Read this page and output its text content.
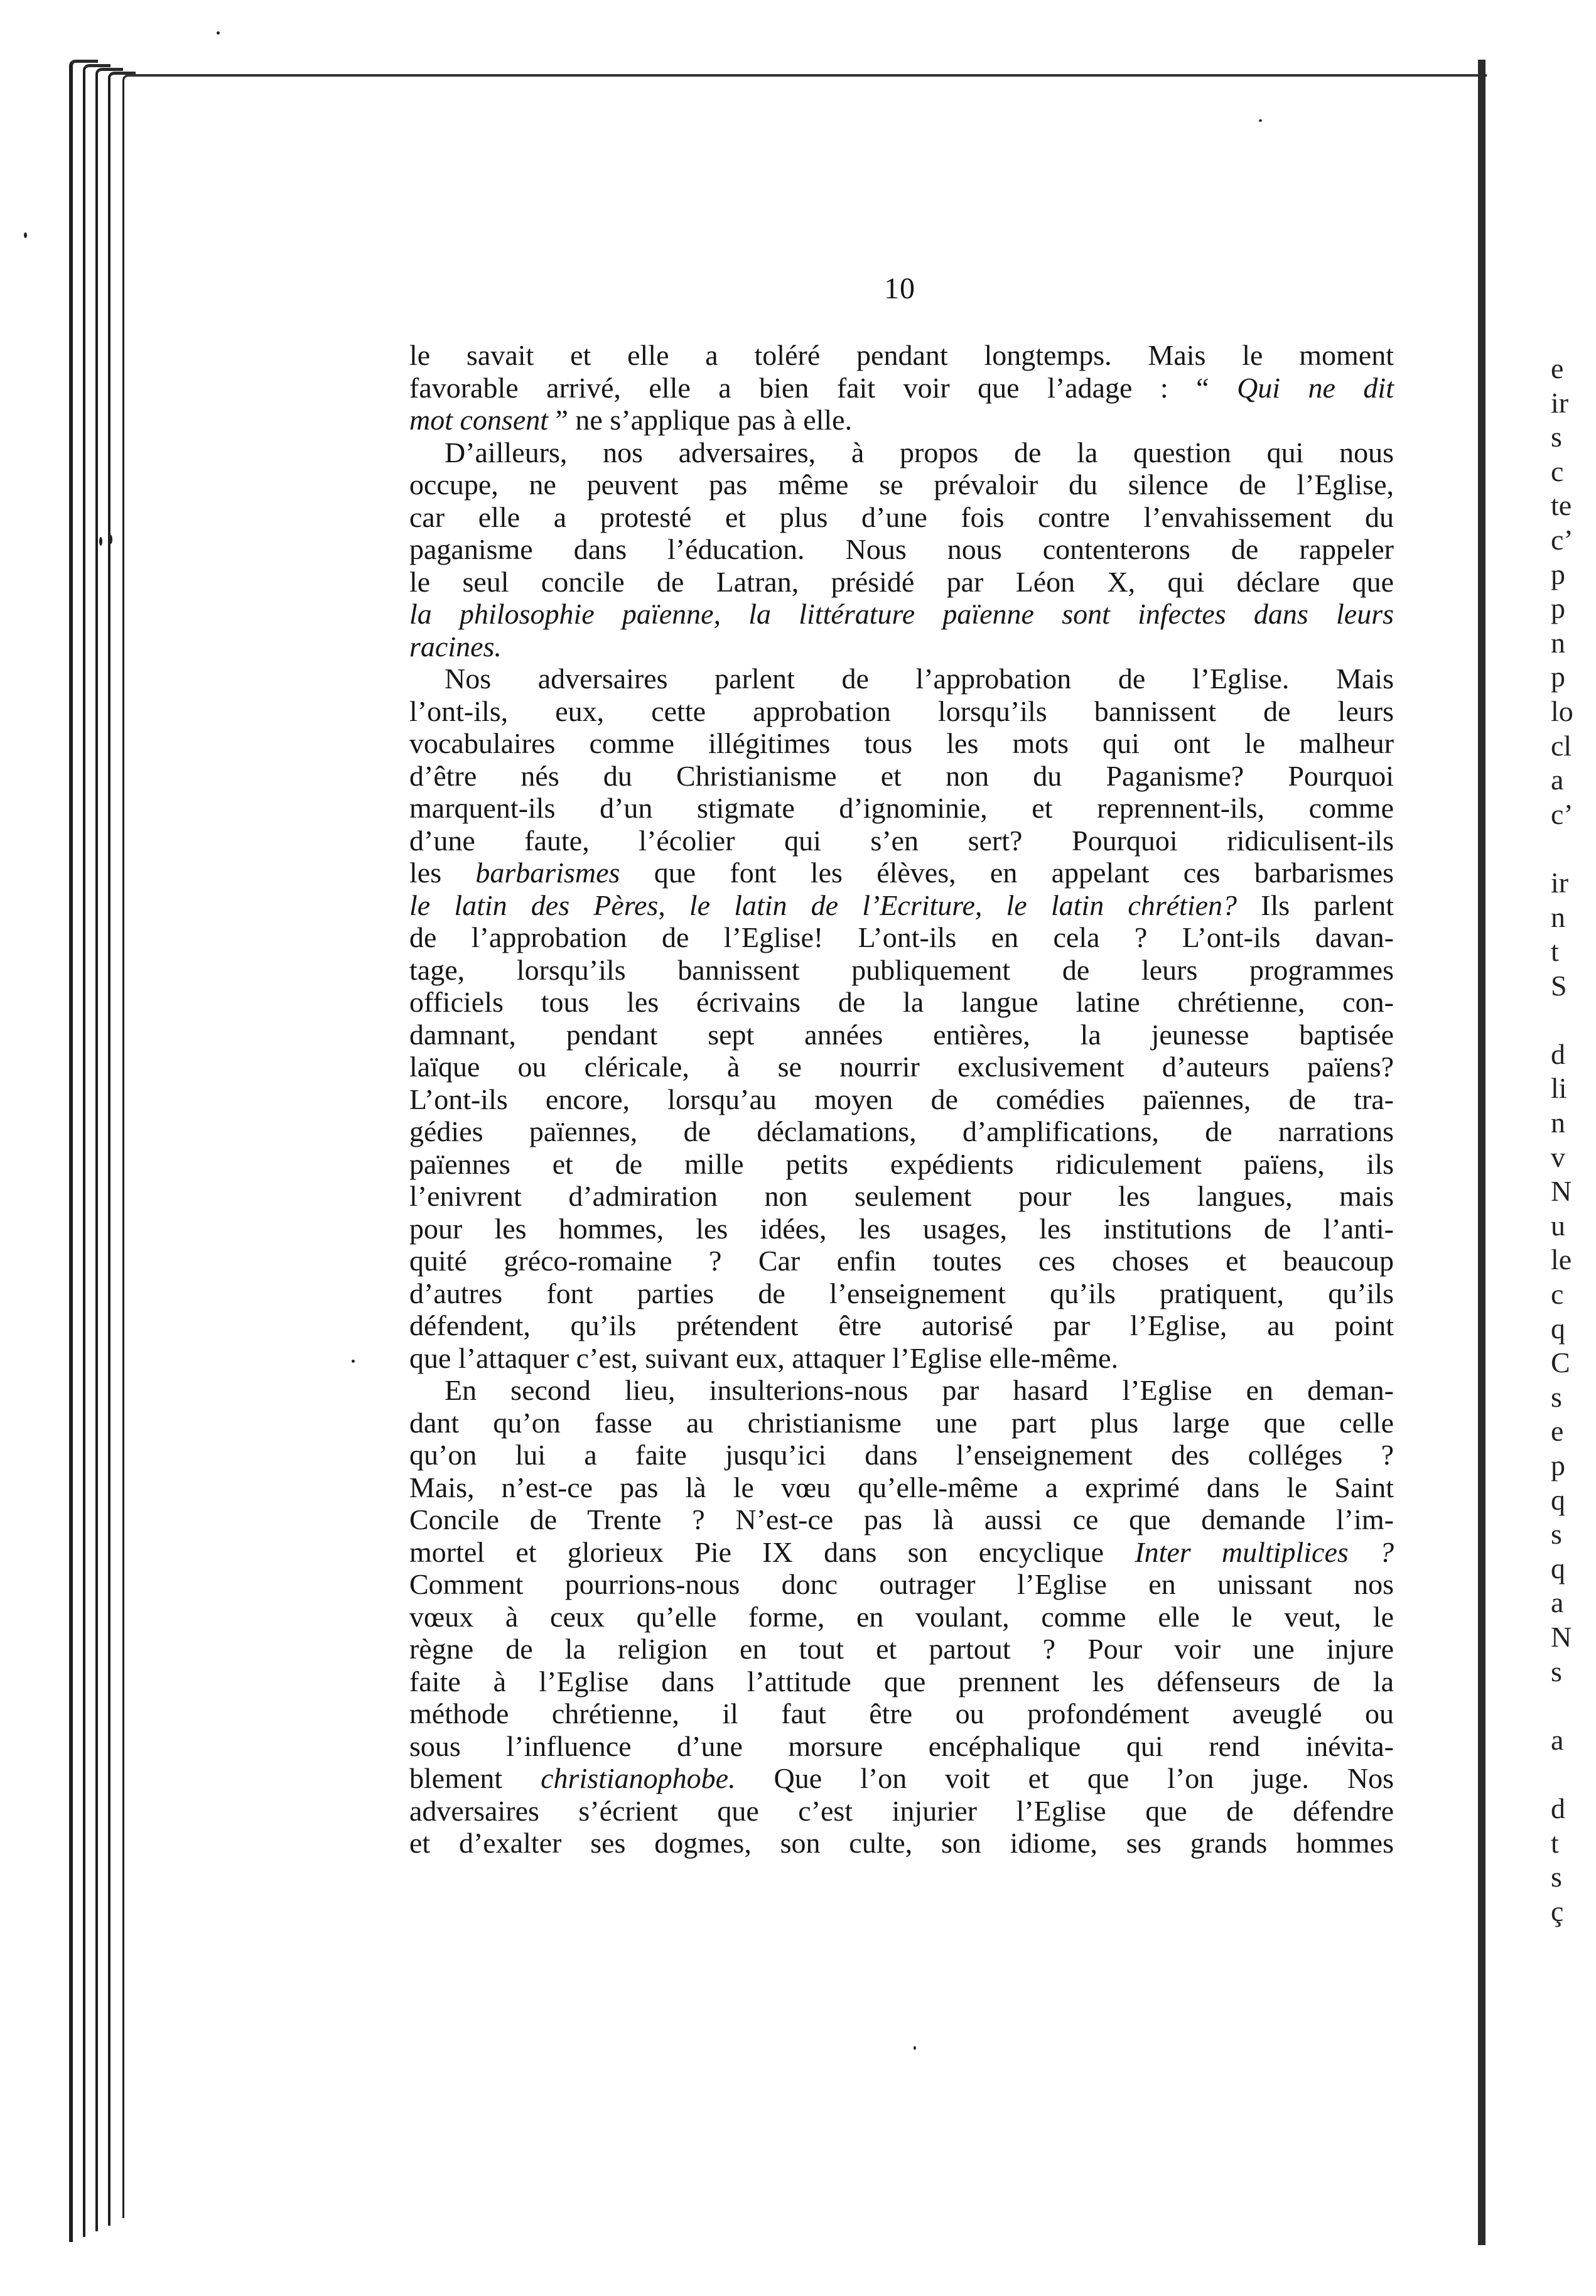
10
le savait et elle a toléré pendant longtemps. Mais le moment
favorable arrivé, elle a bien fait voir que l’adage : “ Qui ne dit
mot consent ” ne s’applique pas à elle.
D’ailleurs, nos adversaires, à propos de la question qui nous
occupe, ne peuvent pas même se prévaloir du silence de l’Eglise,
car elle a protesté et plus d’une fois contre l’envahissement du
paganisme dans l’éducation. Nous nous contenterons de rappeler
le seul concile de Latran, présidé par Léon X, qui déclare que
la philosophie païenne, la littérature païenne sont infectes dans leurs
racines.
Nos adversaires parlent de l’approbation de l’Eglise. Mais
l’ont-ils, eux, cette approbation lorsqu’ils bannissent de leurs
vocabulaires comme illégitimes tous les mots qui ont le malheur
d’être nés du Christianisme et non du Paganisme? Pourquoi
marquent-ils d’un stigmate d’ignominie, et reprennent-ils, comme
d’une faute, l’écolier qui s’en sert? Pourquoi ridiculisent-ils
les barbarismes que font les élèves, en appelant ces barbarismes
le latin des Pères, le latin de l’Ecriture, le latin chrétien? Ils parlent
de l’approbation de l’Eglise! L’ont-ils en cela ? L’ont-ils davan-
tage, lorsqu’ils bannissent publiquement de leurs programmes
officiels tous les écrivains de la langue latine chrétienne, con-
damnant, pendant sept années entières, la jeunesse baptisée
laïque ou cléricale, à se nourrir exclusivement d’auteurs païens?
L’ont-ils encore, lorsqu’au moyen de comédies païennes, de tra-
gédies païennes, de déclamations, d’amplifications, de narrations
païennes et de mille petits expédients ridiculement païens, ils
l’enivrent d’admiration non seulement pour les langues, mais
pour les hommes, les idées, les usages, les institutions de l’anti-
quité gréco-romaine ? Car enfin toutes ces choses et beaucoup
d’autres font parties de l’enseignement qu’ils pratiquent, qu’ils
défendent, qu’ils prétendent être autorisé par l’Eglise, au point
que l’attaquer c’est, suivant eux, attaquer l’Eglise elle-même.
En second lieu, insulterions-nous par hasard l’Eglise en deman-
dant qu’on fasse au christianisme une part plus large que celle
qu’on lui a faite jusqu’ici dans l’enseignement des colléges ?
Mais, n’est-ce pas là le vœu qu’elle-même a exprimé dans le Saint
Concile de Trente ? N’est-ce pas là aussi ce que demande l’im-
mortel et glorieux Pie IX dans son encyclique Inter multiplices ?
Comment pourrions-nous donc outrager l’Eglise en unissant nos
vœux à ceux qu’elle forme, en voulant, comme elle le veut, le
règne de la religion en tout et partout ? Pour voir une injure
faite à l’Eglise dans l’attitude que prennent les défenseurs de la
méthode chrétienne, il faut être ou profondément aveuglé ou
sous l’influence d’une morsure encéphalique qui rend inévita-
blement christianophobe. Que l’on voit et que l’on juge. Nos
adversaires s’écrient que c’est injurier l’Eglise que de défendre
et d’exalter ses dogmes, son culte, son idiome, ses grands hommes
e
ir
s
c
te
c’
p
p
n
p
lo
cl
a
c’
ir
n
t
S
d
li
n
v
N
u
le
c
q
C
s
e
p
q
s
q
a
N
s
a
d
t
s
ç
